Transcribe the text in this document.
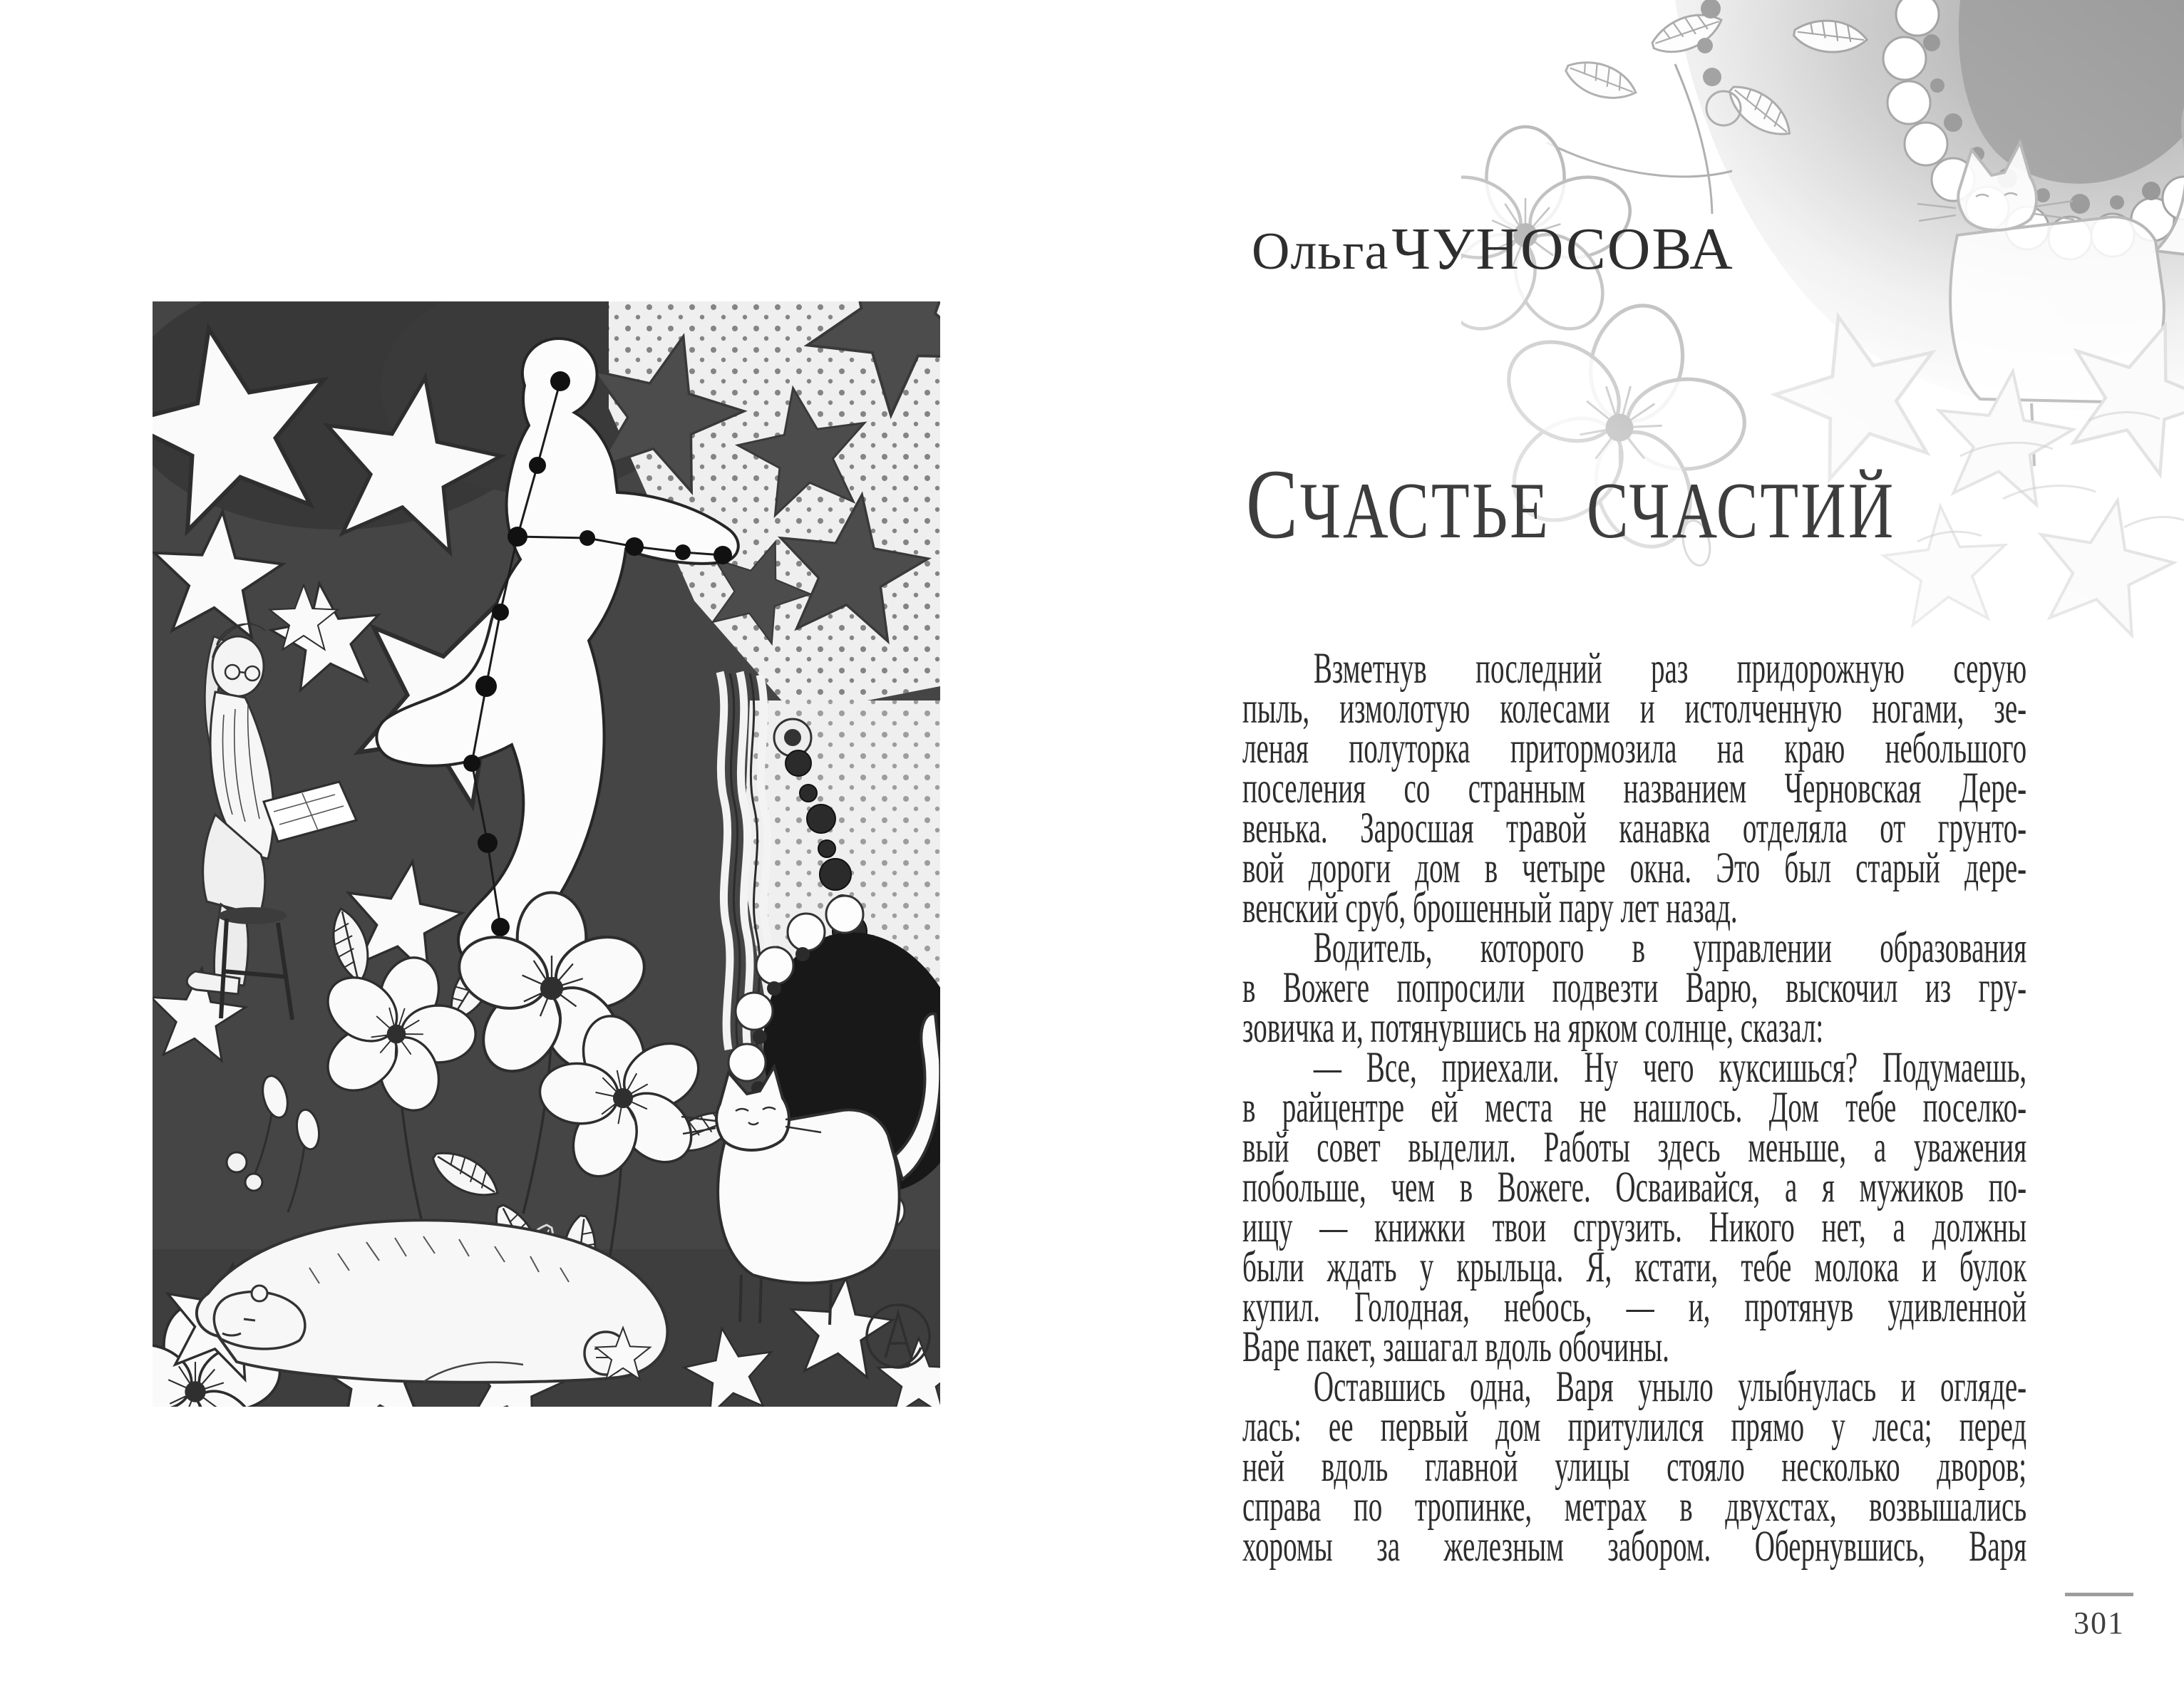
Ольга ЧУНОСОВА
СЧАСТЬЕ СЧАСТИЙ
Взметнув последний раз придорожную серую
пыль, измолотую колесами и истолченную ногами, зе-
леная полуторка притормозила на краю небольшого
поселения со странным названием Черновская Дере-
венька. Заросшая травой канавка отделяла от грунто-
вой дороги дом в четыре окна. Это был старый дере-
венский сруб, брошенный пару лет назад.
Водитель, которого в управлении образования
в Вожеге попросили подвезти Варю, выскочил из гру-
зовичка и, потянувшись на ярком солнце, сказал:
— Все, приехали. Ну чего куксишься? Подумаешь,
в райцентре ей места не нашлось. Дом тебе поселко-
вый совет выделил. Работы здесь меньше, а уважения
побольше, чем в Вожеге. Осваивайся, а я мужиков по-
ищу — книжки твои сгрузить. Никого нет, а должны
были ждать у крыльца. Я, кстати, тебе молока и булок
купил. Голодная, небось, — и, протянув удивленной
Варе пакет, зашагал вдоль обочины.
Оставшись одна, Варя уныло улыбнулась и огляде-
лась: ее первый дом притулился прямо у леса; перед
ней вдоль главной улицы стояло несколько дворов;
справа по тропинке, метрах в двухстах, возвышались
хоромы за железным забором. Обернувшись, Варя
301
